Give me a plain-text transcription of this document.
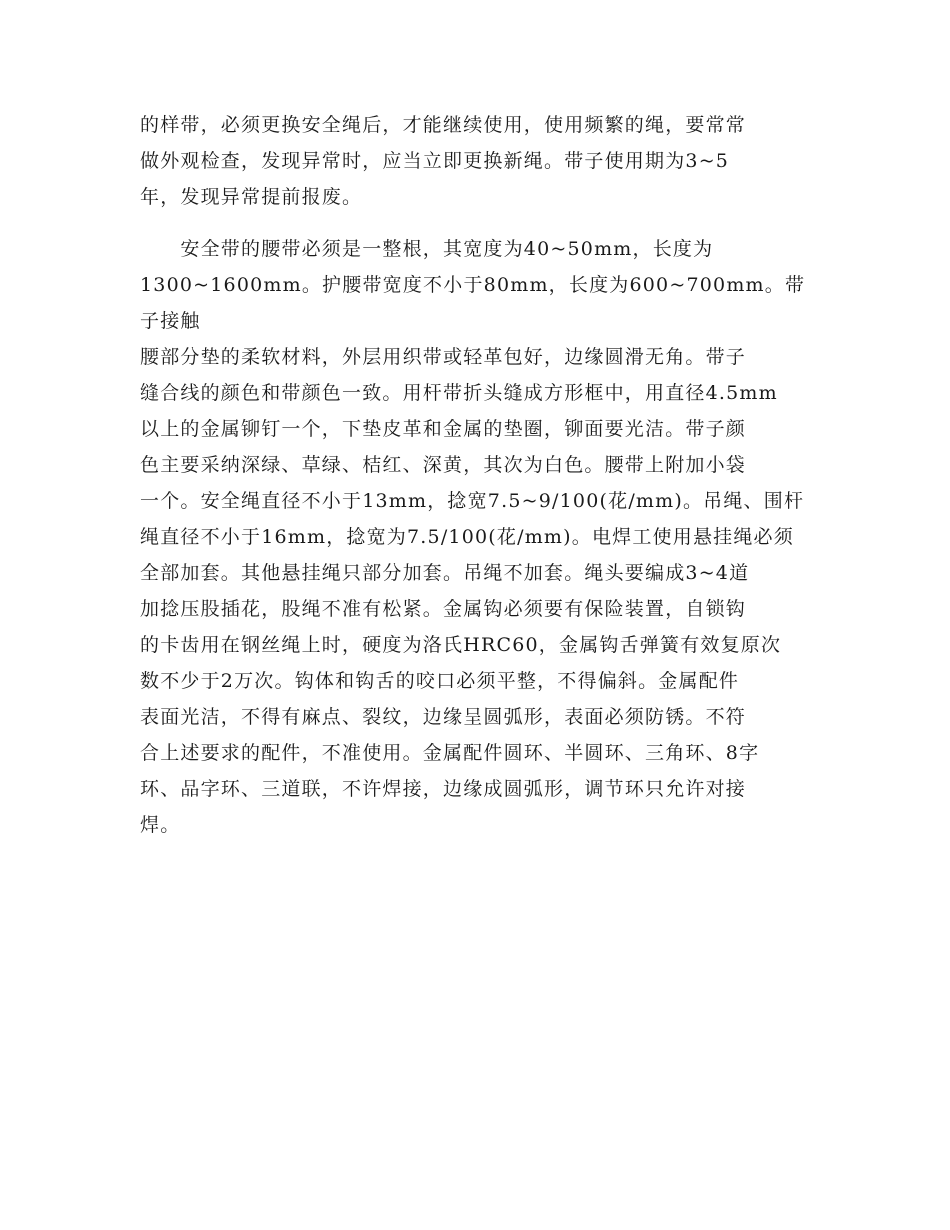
的样带，必须更换安全绳后，才能继续使用，使用频繁的绳，要常常
做外观检查，发现异常时，应当立即更换新绳。带子使用期为3~5
年，发现异常提前报废。

　　安全带的腰带必须是一整根，其宽度为40~50mm，长度为
1300~1600mm。护腰带宽度不小于80mm，长度为600~700mm。带子接触
腰部分垫的柔软材料，外层用织带或轻革包好，边缘圆滑无角。带子
缝合线的颜色和带颜色一致。用杆带折头缝成方形框中，用直径4.5mm
以上的金属铆钉一个，下垫皮革和金属的垫圈，铆面要光洁。带子颜
色主要采纳深绿、草绿、桔红、深黄，其次为白色。腰带上附加小袋
一个。安全绳直径不小于13mm，捻宽7.5~9/100(花/mm)。吊绳、围杆
绳直径不小于16mm，捻宽为7.5/100(花/mm)。电焊工使用悬挂绳必须
全部加套。其他悬挂绳只部分加套。吊绳不加套。绳头要编成3~4道
加捻压股插花，股绳不准有松紧。金属钩必须要有保险装置，自锁钩
的卡齿用在钢丝绳上时，硬度为洛氏HRC60，金属钩舌弹簧有效复原次
数不少于2万次。钩体和钩舌的咬口必须平整，不得偏斜。金属配件
表面光洁，不得有麻点、裂纹，边缘呈圆弧形，表面必须防锈。不符
合上述要求的配件，不准使用。金属配件圆环、半圆环、三角环、8字
环、品字环、三道联，不许焊接，边缘成圆弧形，调节环只允许对接
焊。
